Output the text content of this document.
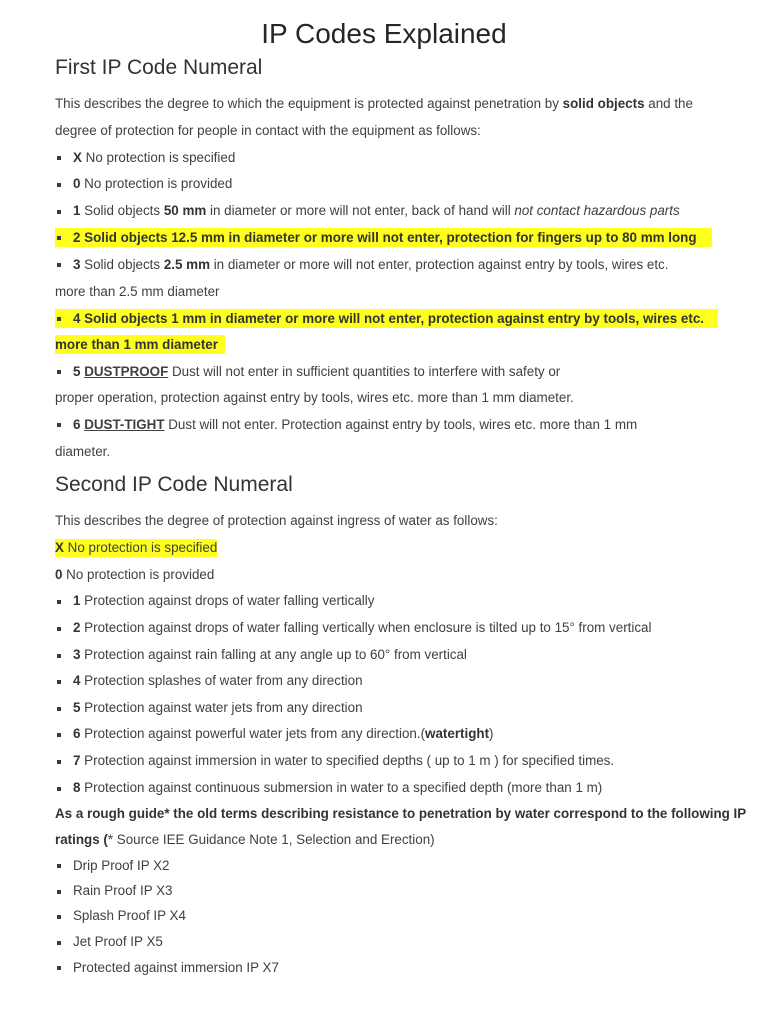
IP Codes Explained
First IP Code Numeral
This describes the degree to which the equipment is protected against penetration by solid objects and the
degree of protection for people in contact with the equipment as follows:
X No protection is specified
0 No protection is provided
1 Solid objects 50 mm in diameter or more will not enter, back of hand will not contact hazardous parts
2 Solid objects 12.5 mm in diameter or more will not enter, protection for fingers up to 80 mm long
3 Solid objects 2.5 mm in diameter or more will not enter, protection against entry by tools, wires etc.
more than 2.5 mm diameter
4 Solid objects 1 mm in diameter or more will not enter, protection against entry by tools, wires etc.
more than 1 mm diameter
5 DUSTPROOF Dust will not enter in sufficient quantities to interfere with safety or
proper operation, protection against entry by tools, wires etc. more than 1 mm diameter.
6 DUST-TIGHT Dust will not enter. Protection against entry by tools, wires etc. more than 1 mm
diameter.
Second IP Code Numeral
This describes the degree of protection against ingress of water as follows:
X No protection is specified
0 No protection is provided
1 Protection against drops of water falling vertically
2 Protection against drops of water falling vertically when enclosure is tilted up to 15° from vertical
3 Protection against rain falling at any angle up to 60° from vertical
4 Protection splashes of water from any direction
5 Protection against water jets from any direction
6 Protection against powerful water jets from any direction.(watertight)
7 Protection against immersion in water to specified depths ( up to 1 m ) for specified times.
8 Protection against continuous submersion in water to a specified depth (more than 1 m)
As a rough guide* the old terms describing resistance to penetration by water correspond to the following IP
ratings (* Source IEE Guidance Note 1, Selection and Erection)
Drip Proof IP X2
Rain Proof IP X3
Splash Proof IP X4
Jet Proof IP X5
Protected against immersion IP X7
